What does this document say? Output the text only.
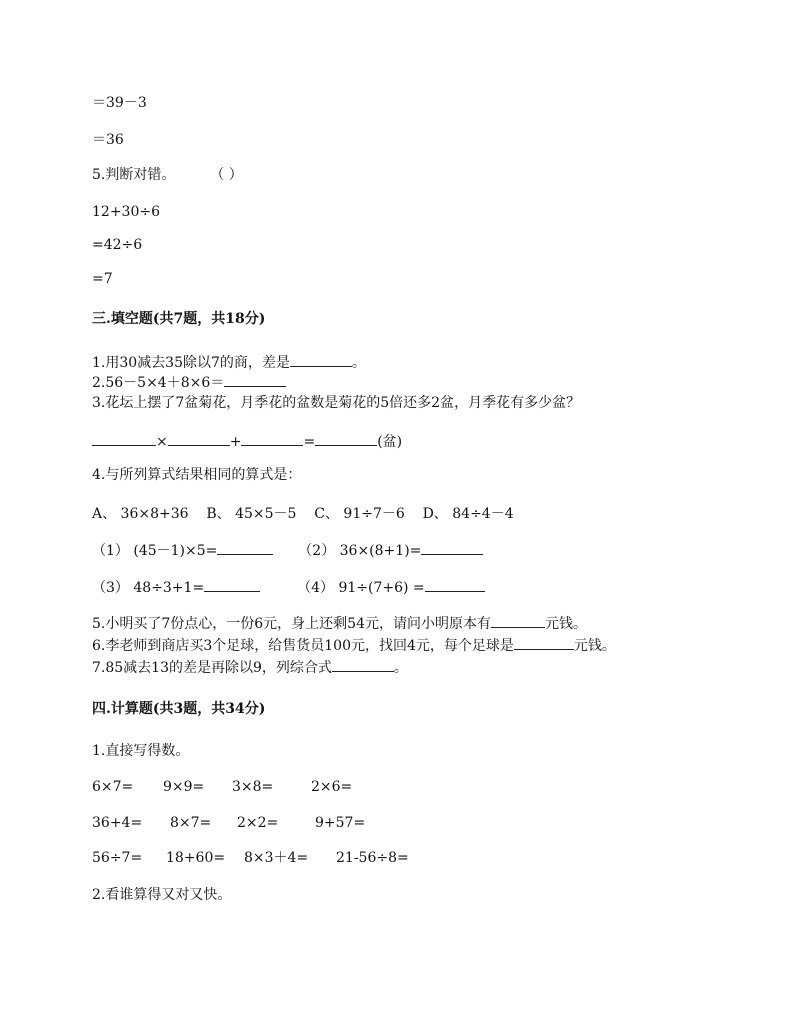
＝39－3
＝36
5.判断对错。 （ ）
12+30÷6
=42÷6
=7
三.填空题(共7题，共18分)
1.用30减去35除以7的商，差是	。
2.56－5×4＋8×6＝
3.花坛上摆了7盆菊花，月季花的盆数是菊花的5倍还多2盆，月季花有多少盆？
×	+	=	(盆)
4.与所列算式结果相同的算式是：
A、 36×8+36    B、 45×5－5    C、 91÷7－6    D、 84÷4－4
（1） (45－1)×5=	（2） 36×(8+1)=
（3） 48÷3+1=	（4） 91÷(7+6) =
5.小明买了7份点心，一份6元，身上还剩54元，请问小明原本有	元钱。
6.李老师到商店买3个足球，给售货员100元，找回4元，每个足球是	元钱。
7.85减去13的差是再除以9，列综合式	。
四.计算题(共3题，共34分)
1.直接写得数。
6×7= 9×9= 3×8=	2×6=
36+4= 8×7= 2×2=	9+57=
56÷7= 18+60= 8×3＋4= 21-56÷8=
2.看谁算得又对又快。
